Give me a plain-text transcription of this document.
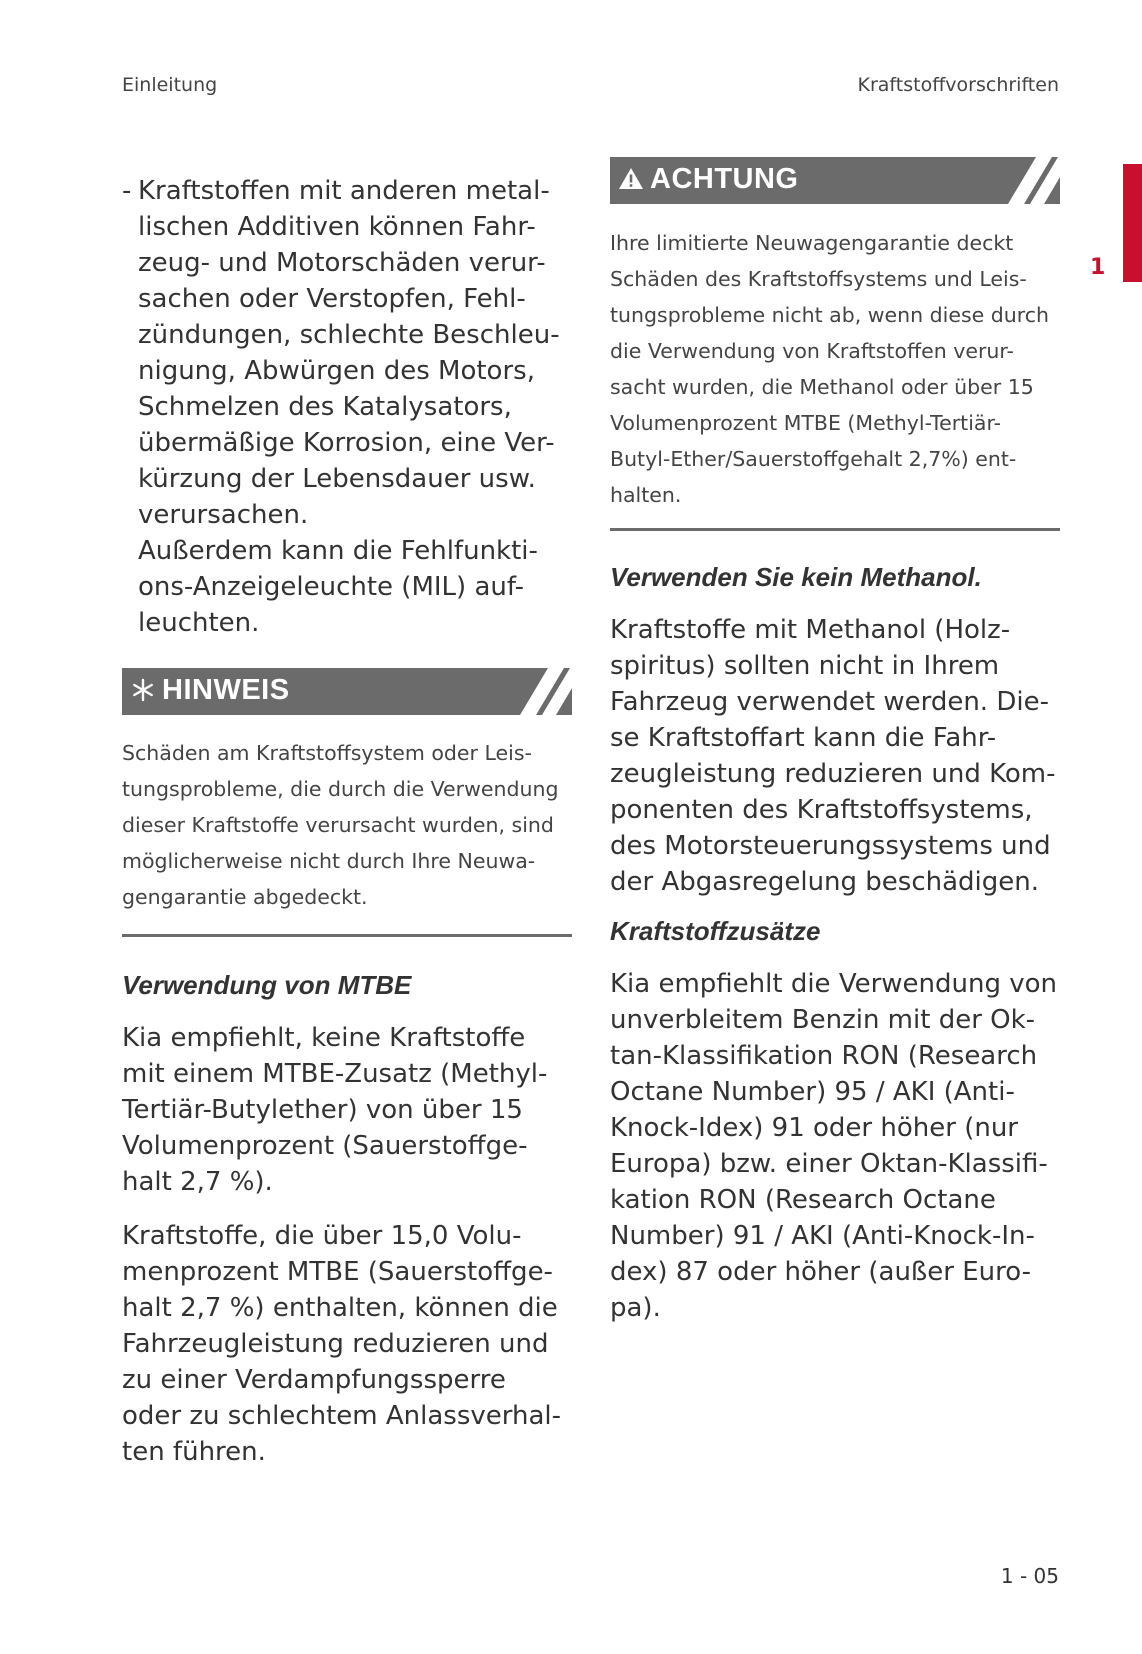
Einleitung	Kraftstoffvorschriften
1
- Kraftstoffen mit anderen metal-
lischen Additiven können Fahr-
zeug- und Motorschäden verur-
sachen oder Verstopfen, Fehl-
zündungen, schlechte Beschleu-
nigung, Abwürgen des Motors,
Schmelzen des Katalysators,
übermäßige Korrosion, eine Ver-
kürzung der Lebensdauer usw.
verursachen.
Außerdem kann die Fehlfunkti-
ons-Anzeigeleuchte (MIL) auf-
leuchten.
HINWEIS
Schäden am Kraftstoffsystem oder Leis-
tungsprobleme, die durch die Verwendung
dieser Kraftstoffe verursacht wurden, sind
möglicherweise nicht durch Ihre Neuwa-
gengarantie abgedeckt.
Verwendung von MTBE
Kia empfiehlt, keine Kraftstoffe
mit einem MTBE-Zusatz (Methyl-
Tertiär-Butylether) von über 15
Volumenprozent (Sauerstoffge-
halt 2,7 %).
Kraftstoffe, die über 15,0 Volu-
menprozent MTBE (Sauerstoffge-
halt 2,7 %) enthalten, können die
Fahrzeugleistung reduzieren und
zu einer Verdampfungssperre
oder zu schlechtem Anlassverhal-
ten führen.
ACHTUNG
Ihre limitierte Neuwagengarantie deckt
Schäden des Kraftstoffsystems und Leis-
tungsprobleme nicht ab, wenn diese durch
die Verwendung von Kraftstoffen verur-
sacht wurden, die Methanol oder über 15
Volumenprozent MTBE (Methyl-Tertiär-
Butyl-Ether/Sauerstoffgehalt 2,7%) ent-
halten.
Verwenden Sie kein Methanol.
Kraftstoffe mit Methanol (Holz-
spiritus) sollten nicht in Ihrem
Fahrzeug verwendet werden. Die-
se Kraftstoffart kann die Fahr-
zeugleistung reduzieren und Kom-
ponenten des Kraftstoffsystems,
des Motorsteuerungssystems und
der Abgasregelung beschädigen.
Kraftstoffzusätze
Kia empfiehlt die Verwendung von
unverbleitem Benzin mit der Ok-
tan-Klassifikation RON (Research
Octane Number) 95 / AKI (Anti-
Knock-Idex) 91 oder höher (nur
Europa) bzw. einer Oktan-Klassifi-
kation RON (Research Octane
Number) 91 / AKI (Anti-Knock-In-
dex) 87 oder höher (außer Euro-
pa).
1 - 05
